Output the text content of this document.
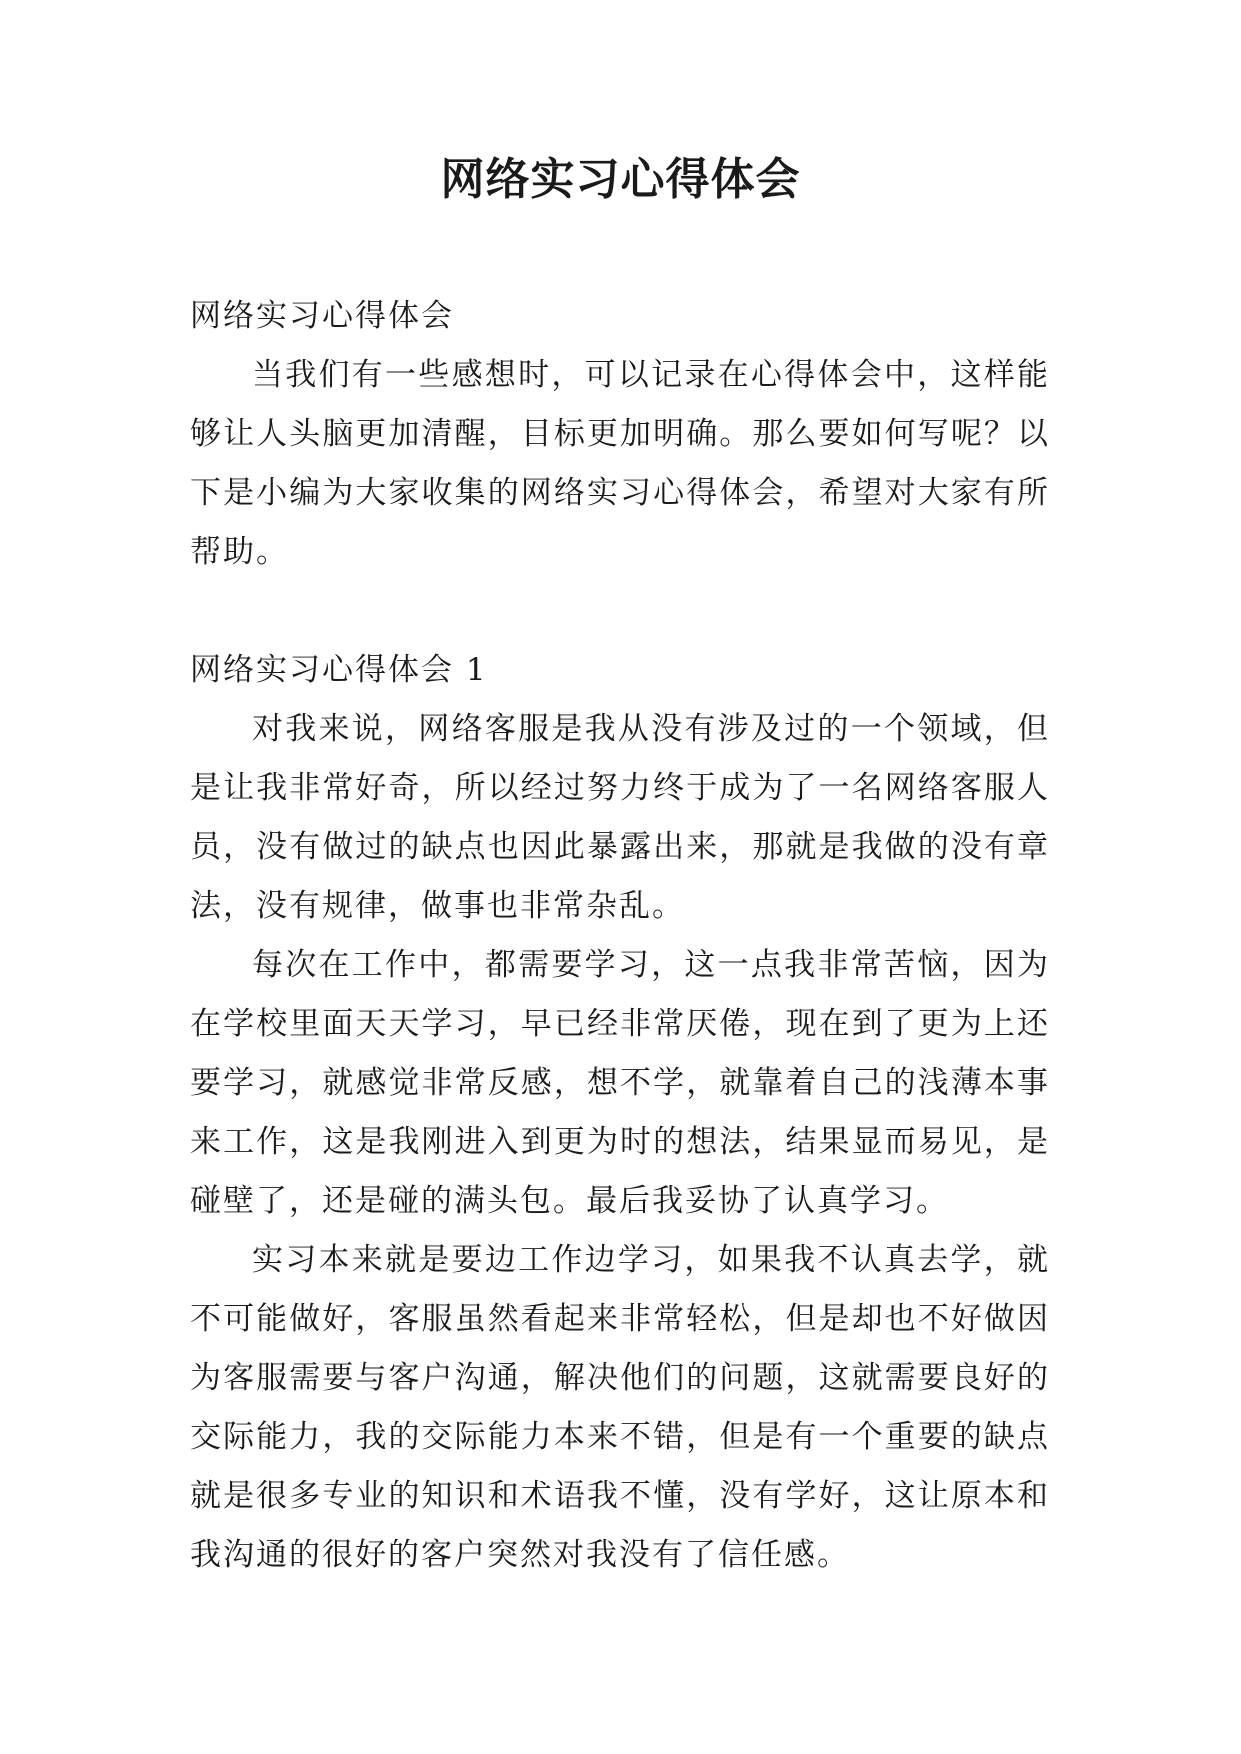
网络实习心得体会

网络实习心得体会

当我们有一些感想时，可以记录在心得体会中，这样能够让人头脑更加清醒，目标更加明确。那么要如何写呢？以下是小编为大家收集的网络实习心得体会，希望对大家有所帮助。

网络实习心得体会 1

对我来说，网络客服是我从没有涉及过的一个领域，但是让我非常好奇，所以经过努力终于成为了一名网络客服人员，没有做过的缺点也因此暴露出来，那就是我做的没有章法，没有规律，做事也非常杂乱。

每次在工作中，都需要学习，这一点我非常苦恼，因为在学校里面天天学习，早已经非常厌倦，现在到了更为上还要学习，就感觉非常反感，想不学，就靠着自己的浅薄本事来工作，这是我刚进入到更为时的想法，结果显而易见，是碰壁了，还是碰的满头包。最后我妥协了认真学习。

实习本来就是要边工作边学习，如果我不认真去学，就不可能做好，客服虽然看起来非常轻松，但是却也不好做因为客服需要与客户沟通，解决他们的问题，这就需要良好的交际能力，我的交际能力本来不错，但是有一个重要的缺点就是很多专业的知识和术语我不懂，没有学好，这让原本和我沟通的很好的客户突然对我没有了信任感。
